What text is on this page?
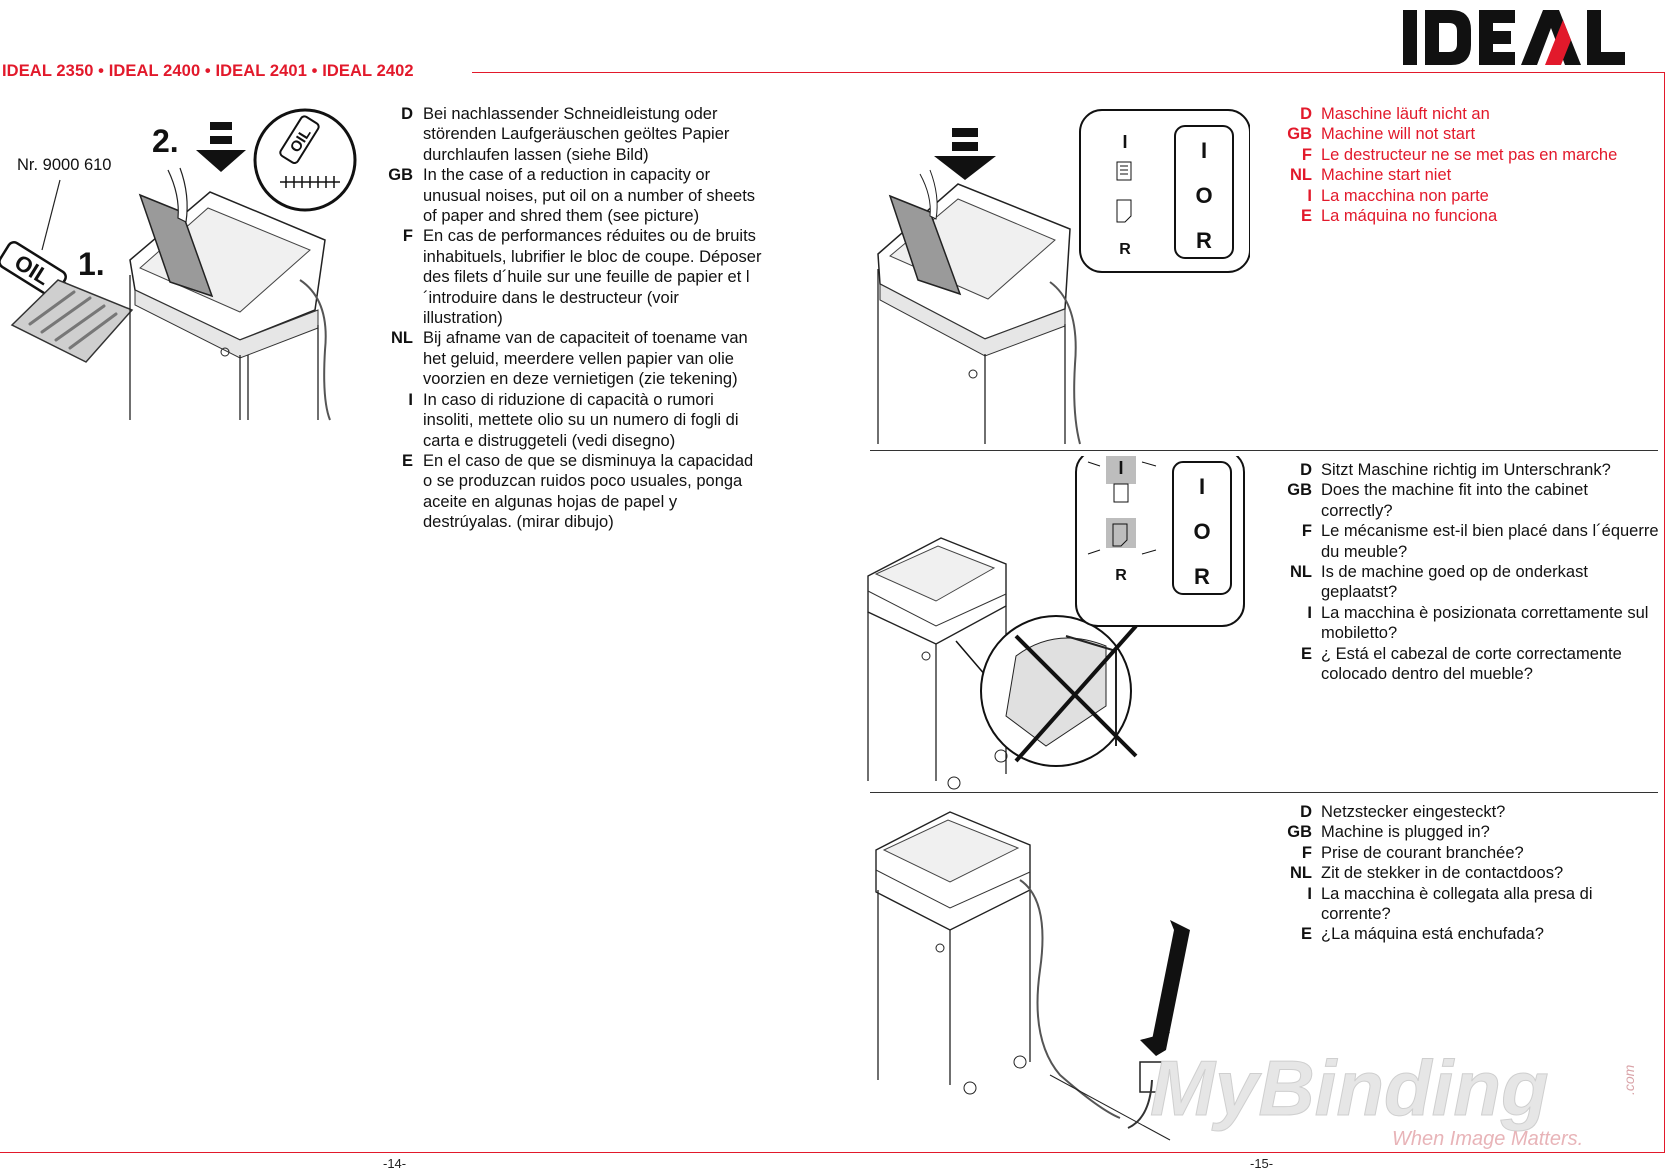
IDEAL
IDEAL 2350 • IDEAL 2400 • IDEAL 2401 • IDEAL 2402
Nr. 9000 610
OIL 1.
2.	OIL
D Bei nachlassender Schneidleistung oder störenden Laufgeräuschen geöltes Papier durchlaufen lassen (siehe Bild)
GB In the case of a reduction in capacity or unusual noises, put oil on a number of sheets of paper and shred them (see picture)
F En cas de performances réduites ou de bruits inhabituels, lubrifier le bloc de coupe. Déposer des filets d´huile sur une feuille de papier et l´introduire dans le destructeur (voir illustration)
NL Bij afname van de capaciteit of toename van het geluid, meerdere vellen papier van olie voorzien en deze vernietigen (zie tekening)
I In caso di riduzione di capacità o rumori insoliti, mettete olio su un numero di fogli di carta e distruggeteli (vedi disegno)
E En el caso de que se disminuya la capacidad o se produzcan ruidos poco usuales, ponga aceite en algunas hojas de papel y destrúyalas. (mirar dibujo)
-14-
I
R
I
O
R
D Maschine läuft nicht an
GB Machine will not start
F Le destructeur ne se met pas en marche
NL Machine start niet
I La macchina non parte
E La máquina no funciona
I
R
I
O
R
D Sitzt Maschine richtig im Unterschrank?
GB Does the machine fit into the cabinet correctly?
F Le mécanisme est-il bien placé dans l´équerre du meuble?
NL Is de machine goed op de onderkast geplaatst?
I La macchina è posizionata correttamente sul mobiletto?
E ¿ Está el cabezal de corte correctamente colocado dentro del mueble?
D Netzstecker eingesteckt?
GB Machine is plugged in?
F Prise de courant branchée?
NL Zit de stekker in de contactdoos?
I La macchina è collegata alla presa di corrente?
E ¿La máquina está enchufada?
MyBinding	.com
When Image Matters.
-15-
